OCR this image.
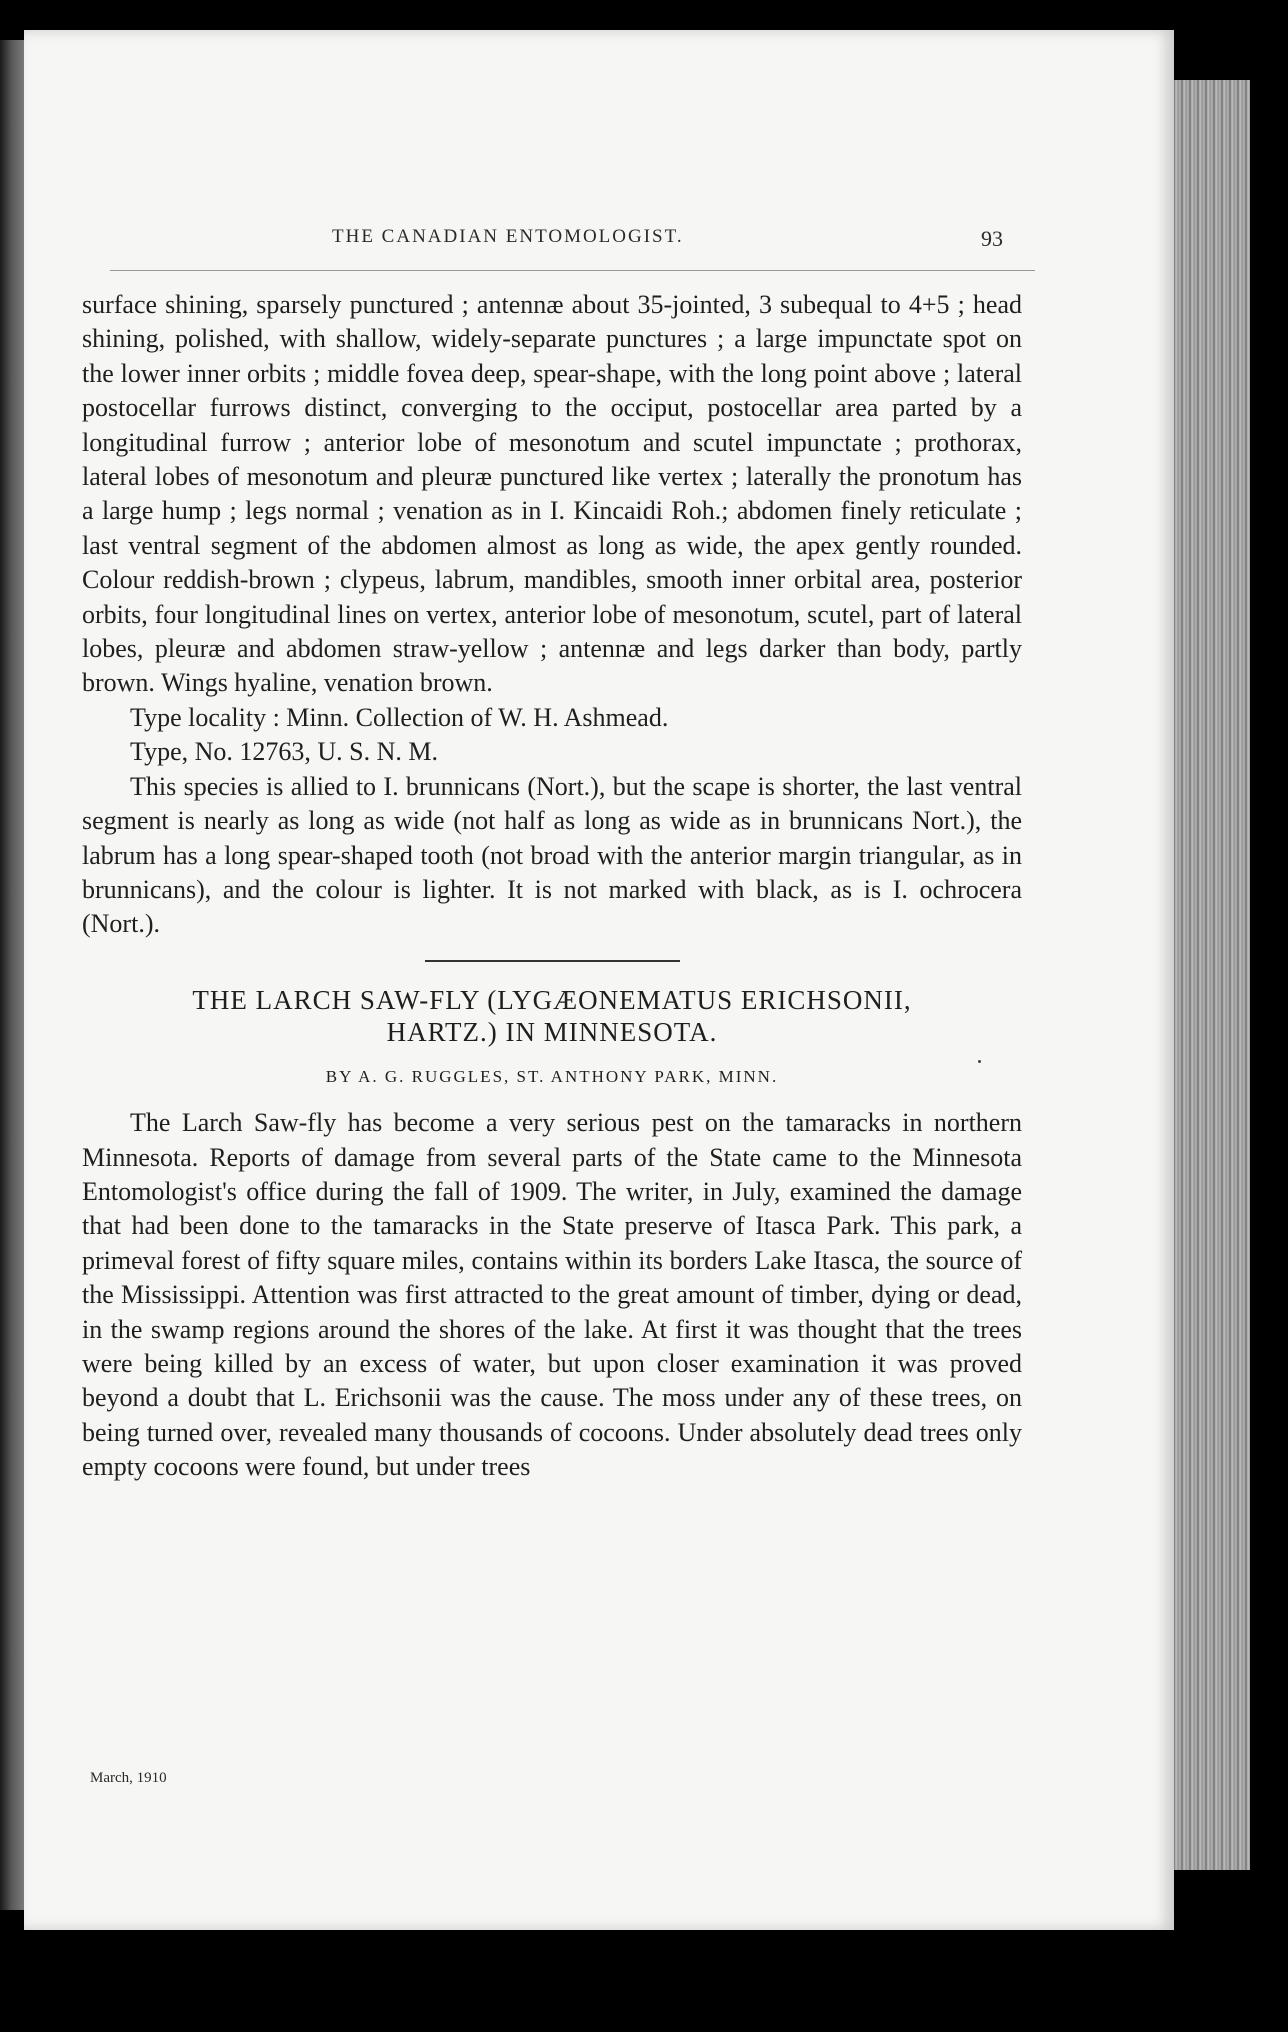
THE CANADIAN ENTOMOLOGIST.	93

surface shining, sparsely punctured ; antennæ about 35-jointed, 3 subequal to 4+5 ; head shining, polished, with shallow, widely-separate punctures ; a large impunctate spot on the lower inner orbits ; middle fovea deep, spear-shape, with the long point above ; lateral postocellar furrows distinct, converging to the occiput, postocellar area parted by a longitudinal furrow ; anterior lobe of mesonotum and scutel impunctate ; prothorax, lateral lobes of mesonotum and pleuræ punctured like vertex ; laterally the pronotum has a large hump ; legs normal ; venation as in I. Kincaidi Roh.; abdomen finely reticulate ; last ventral segment of the abdomen almost as long as wide, the apex gently rounded. Colour reddish-brown ; clypeus, labrum, mandibles, smooth inner orbital area, posterior orbits, four longitudinal lines on vertex, anterior lobe of mesonotum, scutel, part of lateral lobes, pleuræ and abdomen straw-yellow ; antennæ and legs darker than body, partly brown. Wings hyaline, venation brown.

Type locality : Minn. Collection of W. H. Ashmead.

Type, No. 12763, U. S. N. M.

This species is allied to I. brunnicans (Nort.), but the scape is shorter, the last ventral segment is nearly as long as wide (not half as long as wide as in brunnicans Nort.), the labrum has a long spear-shaped tooth (not broad with the anterior margin triangular, as in brunnicans), and the colour is lighter. It is not marked with black, as is I. ochrocera (Nort.).

THE LARCH SAW-FLY (LYGÆONEMATUS ERICHSONII,
HARTZ.) IN MINNESOTA.
BY A. G. RUGGLES, ST. ANTHONY PARK, MINN.

The Larch Saw-fly has become a very serious pest on the tamaracks in northern Minnesota. Reports of damage from several parts of the State came to the Minnesota Entomologist's office during the fall of 1909. The writer, in July, examined the damage that had been done to the tamaracks in the State preserve of Itasca Park. This park, a primeval forest of fifty square miles, contains within its borders Lake Itasca, the source of the Mississippi. Attention was first attracted to the great amount of timber, dying or dead, in the swamp regions around the shores of the lake. At first it was thought that the trees were being killed by an excess of water, but upon closer examination it was proved beyond a doubt that L. Erichsonii was the cause. The moss under any of these trees, on being turned over, revealed many thousands of cocoons. Under absolutely dead trees only empty cocoons were found, but under trees

March, 1910
